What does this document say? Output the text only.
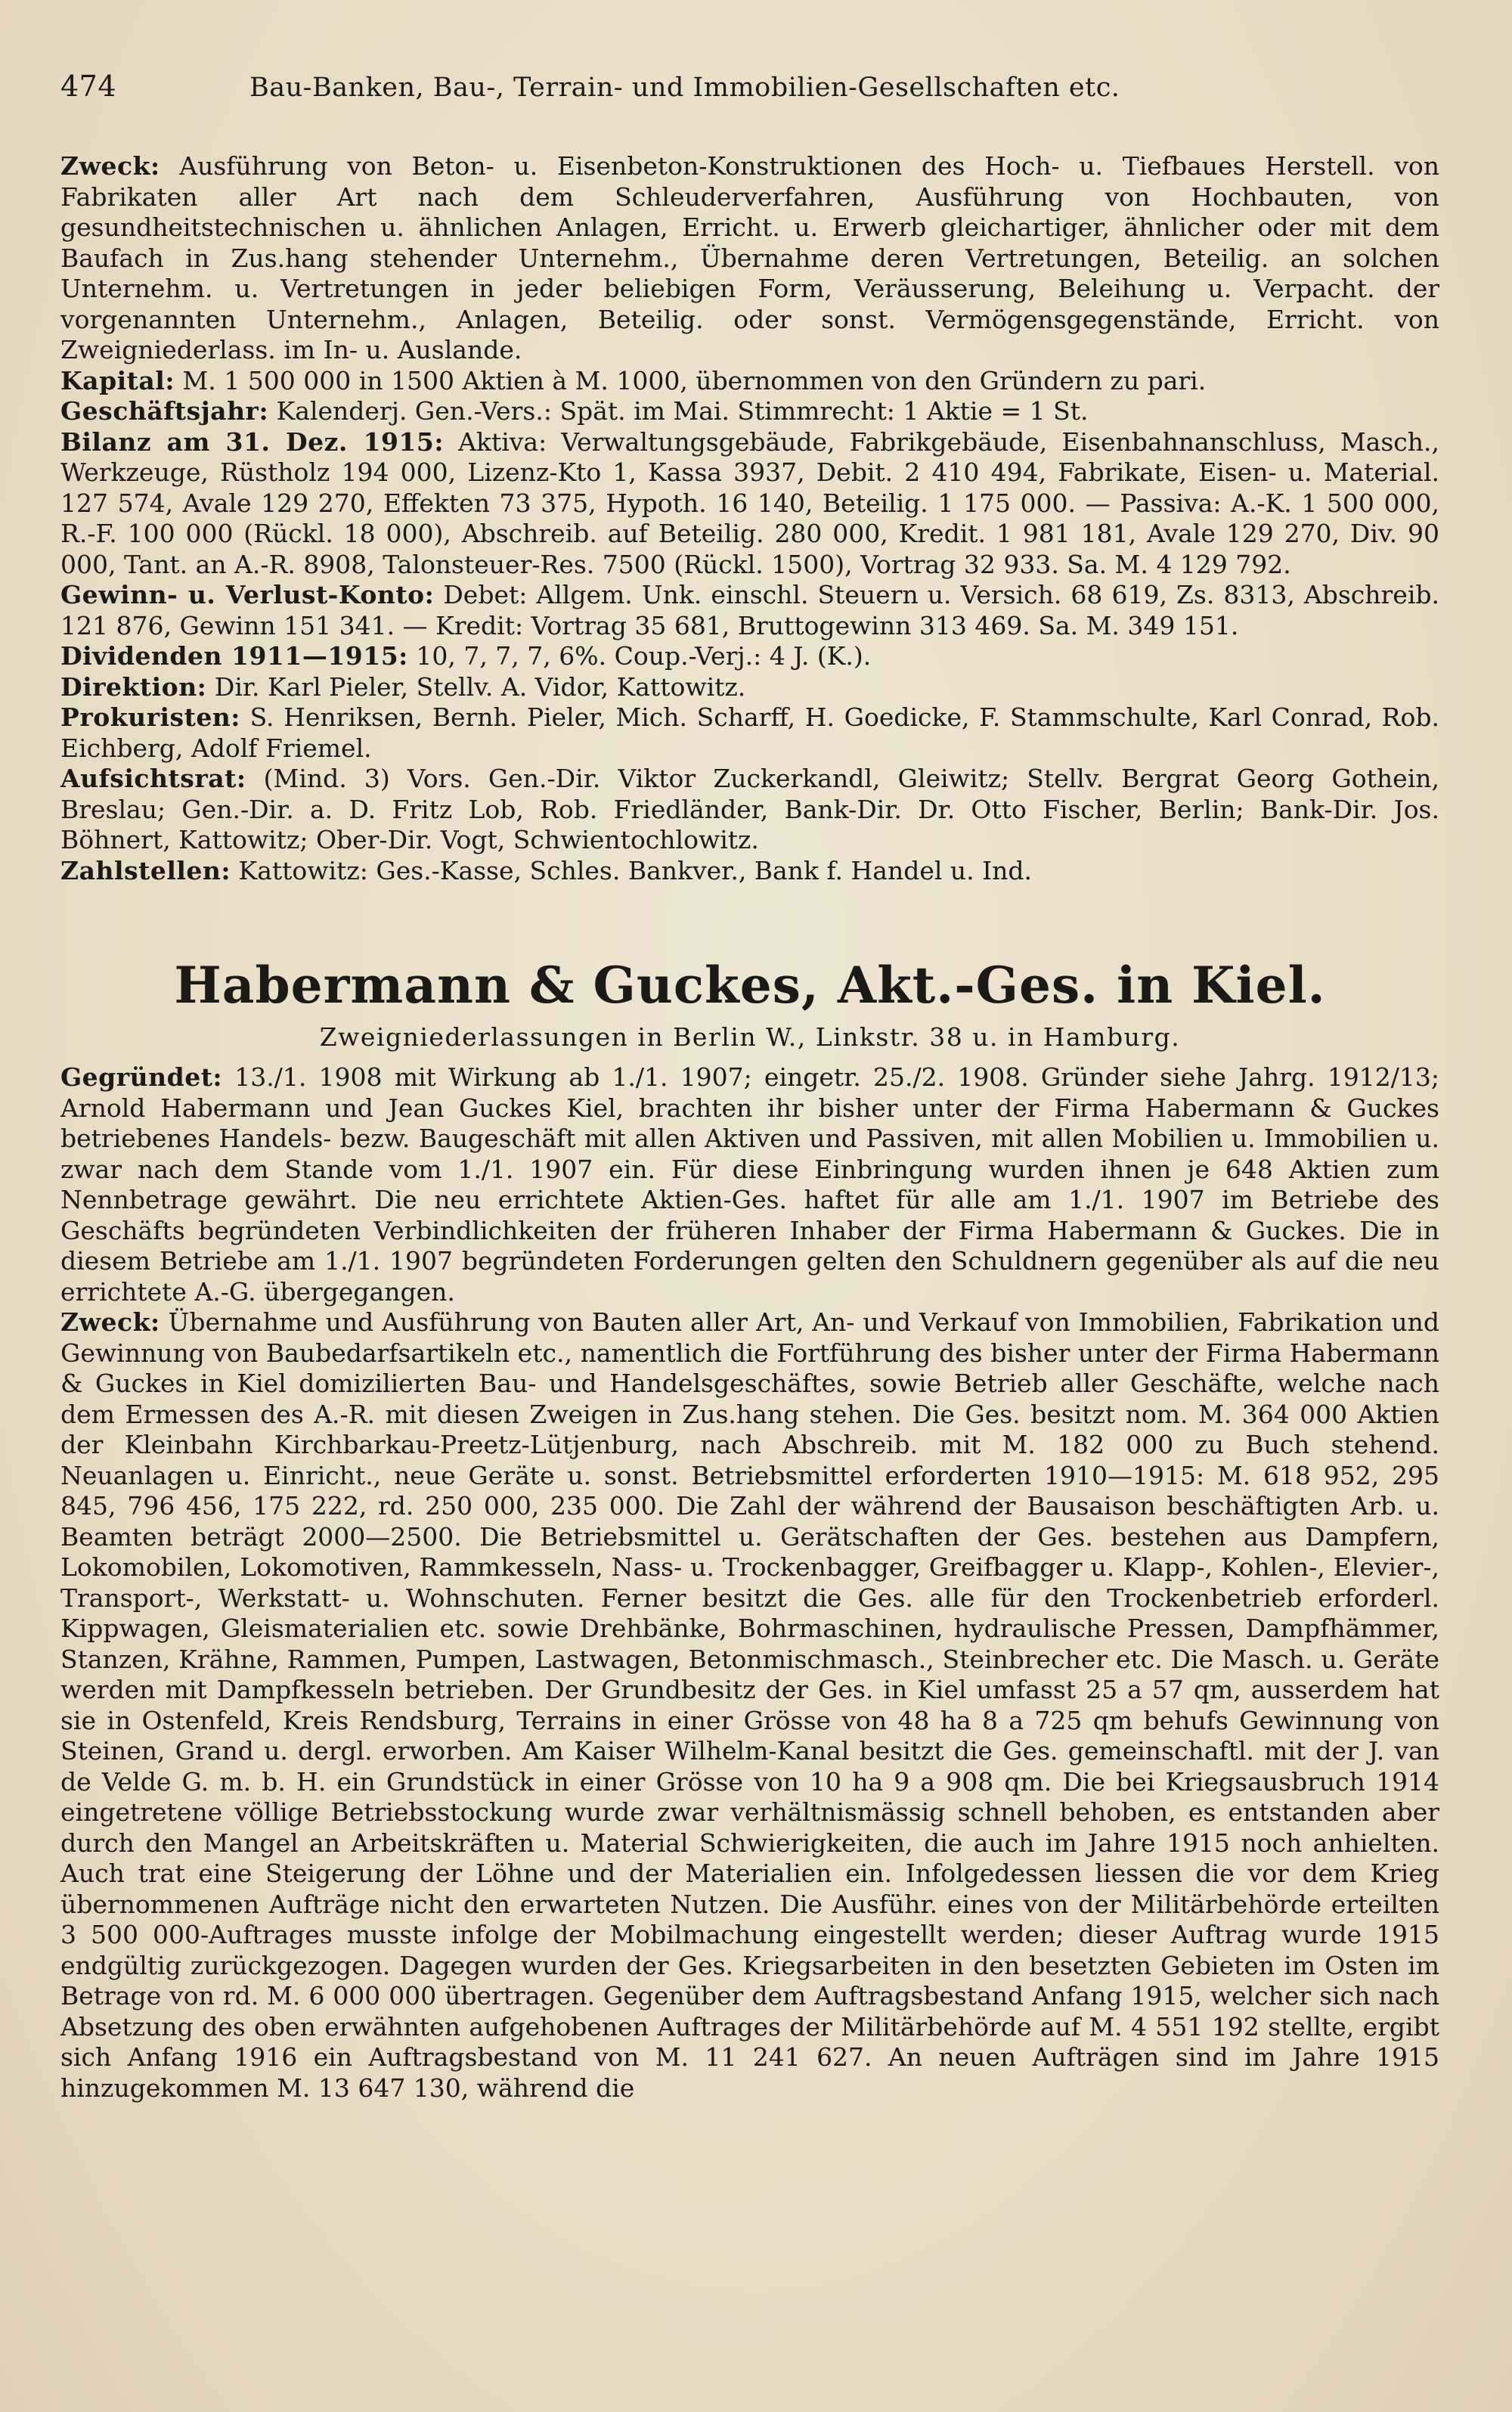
474	Bau-Banken, Bau-, Terrain- und Immobilien-Gesellschaften etc.

Zweck: Ausführung von Beton- u. Eisenbeton-Konstruktionen des Hoch- u. Tiefbaues Herstell. von Fabrikaten aller Art nach dem Schleuderverfahren, Ausführung von Hochbauten, von gesundheitstechnischen u. ähnlichen Anlagen, Erricht. u. Erwerb gleichartiger, ähnlicher oder mit dem Baufach in Zus.hang stehender Unternehm., Übernahme deren Vertretungen, Beteilig. an solchen Unternehm. u. Vertretungen in jeder beliebigen Form, Veräusserung, Beleihung u. Verpacht. der vorgenannten Unternehm., Anlagen, Beteilig. oder sonst. Vermögensgegenstände, Erricht. von Zweigniederlass. im In- u. Auslande.

Kapital: M. 1 500 000 in 1500 Aktien à M. 1000, übernommen von den Gründern zu pari.

Geschäftsjahr: Kalenderj. Gen.-Vers.: Spät. im Mai. Stimmrecht: 1 Aktie = 1 St.

Bilanz am 31. Dez. 1915: Aktiva: Verwaltungsgebäude, Fabrikgebäude, Eisenbahnanschluss, Masch., Werkzeuge, Rüstholz 194 000, Lizenz-Kto 1, Kassa 3937, Debit. 2 410 494, Fabrikate, Eisen- u. Material. 127 574, Avale 129 270, Effekten 73 375, Hypoth. 16 140, Beteilig. 1 175 000. — Passiva: A.-K. 1 500 000, R.-F. 100 000 (Rückl. 18 000), Abschreib. auf Beteilig. 280 000, Kredit. 1 981 181, Avale 129 270, Div. 90 000, Tant. an A.-R. 8908, Talonsteuer-Res. 7500 (Rückl. 1500), Vortrag 32 933. Sa. M. 4 129 792.

Gewinn- u. Verlust-Konto: Debet: Allgem. Unk. einschl. Steuern u. Versich. 68 619, Zs. 8313, Abschreib. 121 876, Gewinn 151 341. — Kredit: Vortrag 35 681, Bruttogewinn 313 469. Sa. M. 349 151.

Dividenden 1911—1915: 10, 7, 7, 7, 6%. Coup.-Verj.: 4 J. (K.).

Direktion: Dir. Karl Pieler, Stellv. A. Vidor, Kattowitz.

Prokuristen: S. Henriksen, Bernh. Pieler, Mich. Scharff, H. Goedicke, F. Stammschulte, Karl Conrad, Rob. Eichberg, Adolf Friemel.

Aufsichtsrat: (Mind. 3) Vors. Gen.-Dir. Viktor Zuckerkandl, Gleiwitz; Stellv. Bergrat Georg Gothein, Breslau; Gen.-Dir. a. D. Fritz Lob, Rob. Friedländer, Bank-Dir. Dr. Otto Fischer, Berlin; Bank-Dir. Jos. Böhnert, Kattowitz; Ober-Dir. Vogt, Schwientochlowitz.

Zahlstellen: Kattowitz: Ges.-Kasse, Schles. Bankver., Bank f. Handel u. Ind.

Habermann & Guckes, Akt.-Ges. in Kiel.
Zweigniederlassungen in Berlin W., Linkstr. 38 u. in Hamburg.

Gegründet: 13./1. 1908 mit Wirkung ab 1./1. 1907; eingetr. 25./2. 1908. Gründer siehe Jahrg. 1912/13; Arnold Habermann und Jean Guckes Kiel, brachten ihr bisher unter der Firma Habermann & Guckes betriebenes Handels- bezw. Baugeschäft mit allen Aktiven und Passiven, mit allen Mobilien u. Immobilien u. zwar nach dem Stande vom 1./1. 1907 ein. Für diese Einbringung wurden ihnen je 648 Aktien zum Nennbetrage gewährt. Die neu errichtete Aktien-Ges. haftet für alle am 1./1. 1907 im Betriebe des Geschäfts begründeten Verbindlichkeiten der früheren Inhaber der Firma Habermann & Guckes. Die in diesem Betriebe am 1./1. 1907 begründeten Forderungen gelten den Schuldnern gegenüber als auf die neu errichtete A.-G. übergegangen.

Zweck: Übernahme und Ausführung von Bauten aller Art, An- und Verkauf von Immobilien, Fabrikation und Gewinnung von Baubedarfsartikeln etc., namentlich die Fortführung des bisher unter der Firma Habermann & Guckes in Kiel domizilierten Bau- und Handelsgeschäftes, sowie Betrieb aller Geschäfte, welche nach dem Ermessen des A.-R. mit diesen Zweigen in Zus.hang stehen. Die Ges. besitzt nom. M. 364 000 Aktien der Kleinbahn Kirchbarkau-Preetz-Lütjenburg, nach Abschreib. mit M. 182 000 zu Buch stehend. Neuanlagen u. Einricht., neue Geräte u. sonst. Betriebsmittel erforderten 1910—1915: M. 618 952, 295 845, 796 456, 175 222, rd. 250 000, 235 000. Die Zahl der während der Bausaison beschäftigten Arb. u. Beamten beträgt 2000—2500. Die Betriebsmittel u. Gerätschaften der Ges. bestehen aus Dampfern, Lokomobilen, Lokomotiven, Rammkesseln, Nass- u. Trockenbagger, Greifbagger u. Klapp-, Kohlen-, Elevier-, Transport-, Werkstatt- u. Wohnschuten. Ferner besitzt die Ges. alle für den Trockenbetrieb erforderl. Kippwagen, Gleismaterialien etc. sowie Drehbänke, Bohrmaschinen, hydraulische Pressen, Dampfhämmer, Stanzen, Krähne, Rammen, Pumpen, Lastwagen, Betonmischmasch., Steinbrecher etc. Die Masch. u. Geräte werden mit Dampfkesseln betrieben. Der Grundbesitz der Ges. in Kiel umfasst 25 a 57 qm, ausserdem hat sie in Ostenfeld, Kreis Rendsburg, Terrains in einer Grösse von 48 ha 8 a 725 qm behufs Gewinnung von Steinen, Grand u. dergl. erworben. Am Kaiser Wilhelm-Kanal besitzt die Ges. gemeinschaftl. mit der J. van de Velde G. m. b. H. ein Grundstück in einer Grösse von 10 ha 9 a 908 qm. Die bei Kriegsausbruch 1914 eingetretene völlige Betriebsstockung wurde zwar verhältnismässig schnell behoben, es entstanden aber durch den Mangel an Arbeitskräften u. Material Schwierigkeiten, die auch im Jahre 1915 noch anhielten. Auch trat eine Steigerung der Löhne und der Materialien ein. Infolgedessen liessen die vor dem Krieg übernommenen Aufträge nicht den erwarteten Nutzen. Die Ausführ. eines von der Militärbehörde erteilten 3 500 000-Auftrages musste infolge der Mobilmachung eingestellt werden; dieser Auftrag wurde 1915 endgültig zurückgezogen. Dagegen wurden der Ges. Kriegsarbeiten in den besetzten Gebieten im Osten im Betrage von rd. M. 6 000 000 übertragen. Gegenüber dem Auftragsbestand Anfang 1915, welcher sich nach Absetzung des oben erwähnten aufgehobenen Auftrages der Militärbehörde auf M. 4 551 192 stellte, ergibt sich Anfang 1916 ein Auftragsbestand von M. 11 241 627. An neuen Aufträgen sind im Jahre 1915 hinzugekommen M. 13 647 130, während die
